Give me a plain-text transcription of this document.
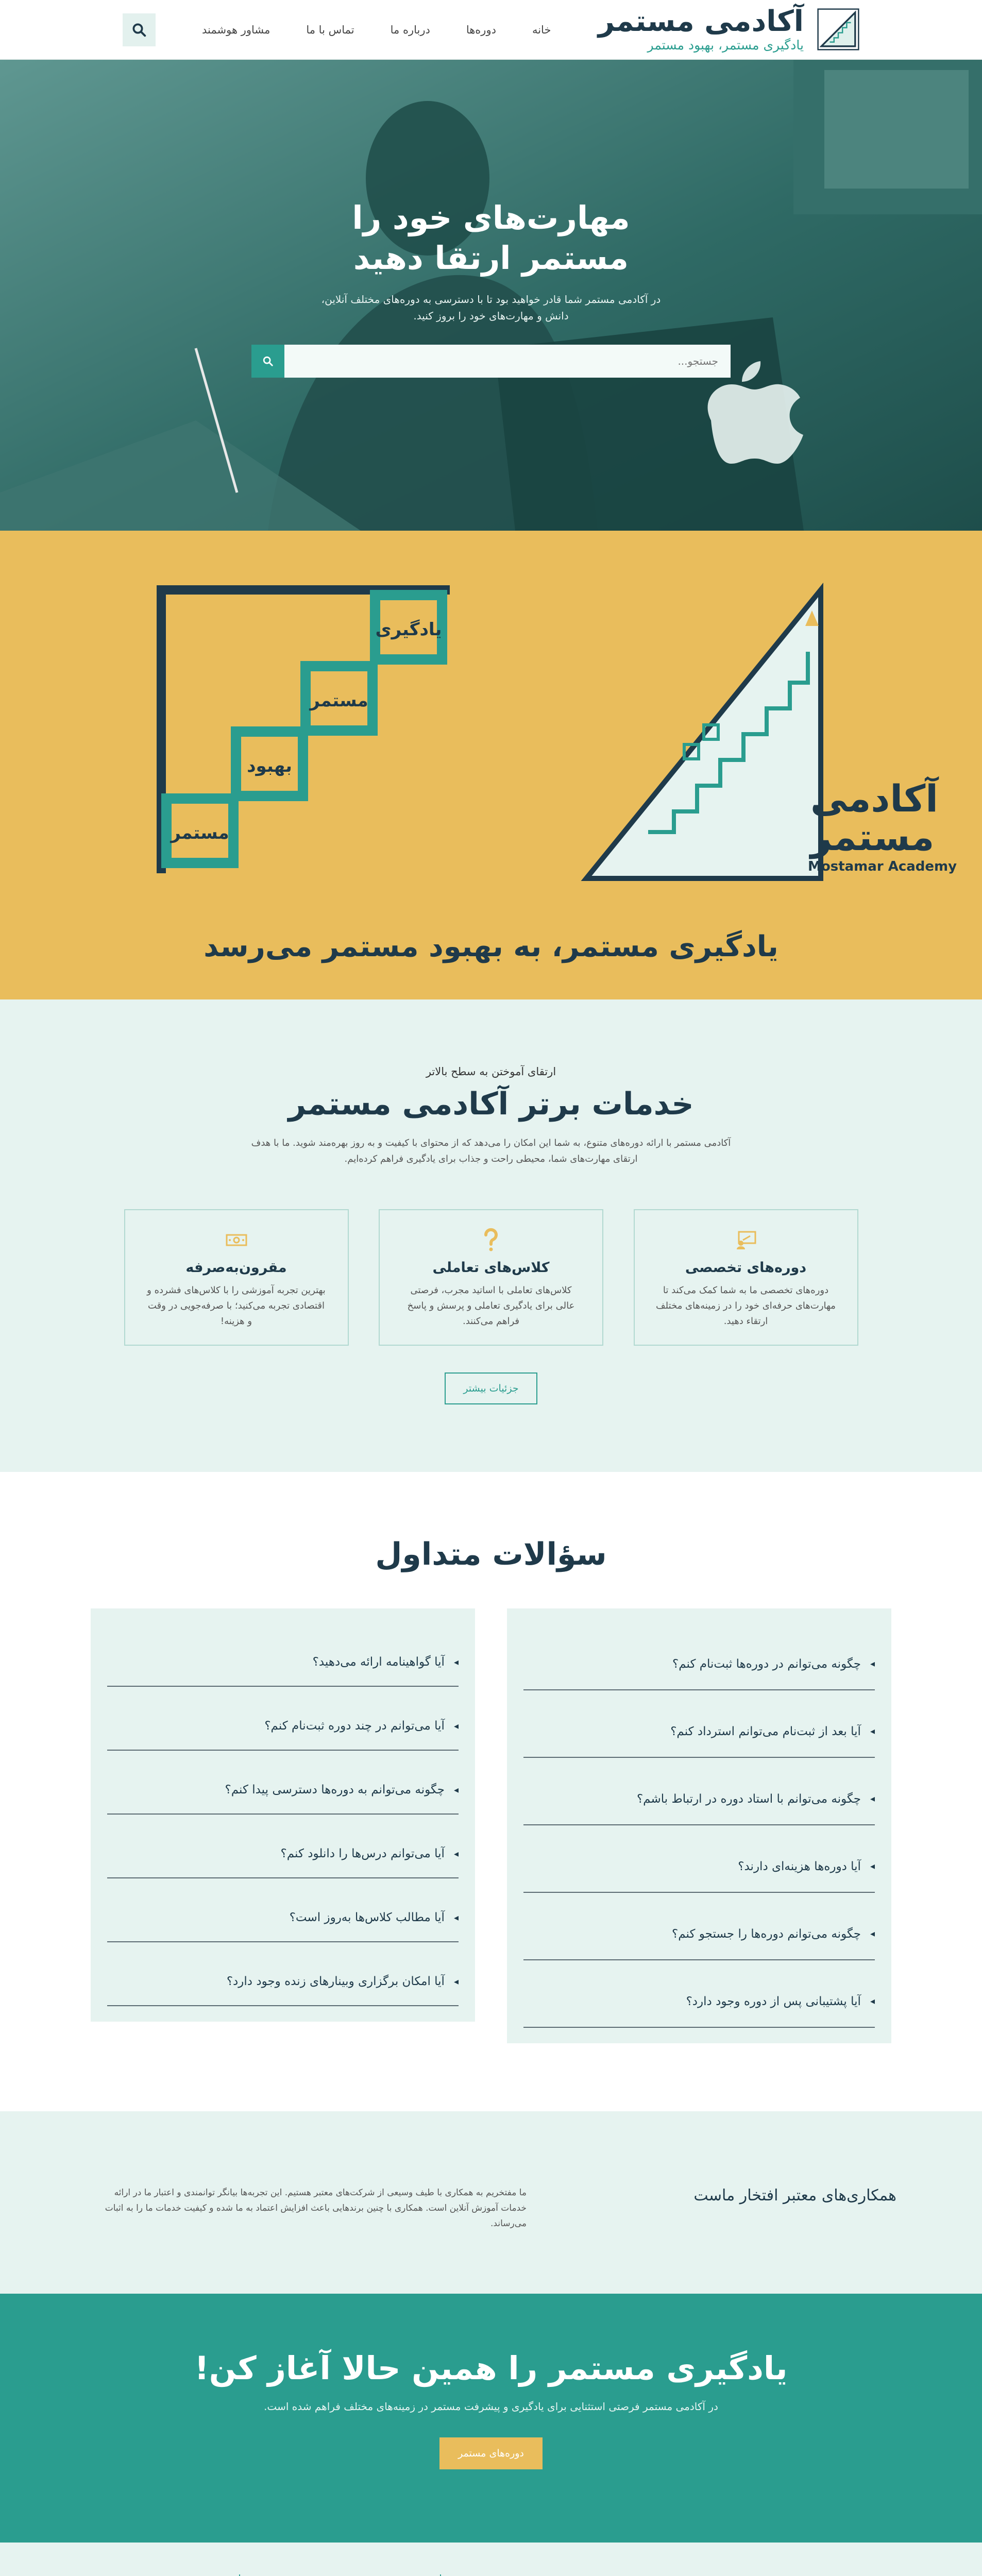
آکادمی مستمر
یادگیری مستمر، بهبود مستمر
خانه
دوره‌ها
درباره ما
تماس با ما
مشاور هوشمند
مهارت‌های خود را
مستمر ارتقا دهید

در آکادمی مستمر شما قادر خواهید بود تا با دسترسی به دوره‌های مختلف آنلاین، دانش و مهارت‌های خود را بروز کنید.

جستجو...
یادگیری
مستمر
بهبود
مستمر
آکادمی
مستمر
Mostamar Academy
یادگیری مستمر، به بهبود مستمر می‌رسد
ارتقای آموختن به سطح بالاتر
خدمات برتر آکادمی مستمر

آکادمی مستمر با ارائه دوره‌های متنوع، به شما این امکان را می‌دهد که از محتوای با کیفیت و به روز بهره‌مند شوید. ما با هدف ارتقای مهارت‌های شما، محیطی راحت و جذاب برای یادگیری فراهم کرده‌ایم.

دوره‌های تخصصی
دوره‌های تخصصی ما به شما کمک می‌کند تا مهارت‌های حرفه‌ای خود را در زمینه‌های مختلف ارتقاء دهید.
کلاس‌های تعاملی
کلاس‌های تعاملی با اساتید مجرب، فرصتی عالی برای یادگیری تعاملی و پرسش و پاسخ فراهم می‌کنند.
مقرون‌به‌صرفه
بهترین تجربه آموزشی را با کلاس‌های فشرده و اقتصادی تجربه می‌کنید؛ با صرفه‌جویی در وقت و هزینه!
جزئیات بیشتر
سؤالات متداول
◂
چگونه می‌توانم در دوره‌ها ثبت‌نام کنم؟
◂
آیا بعد از ثبت‌نام می‌توانم استرداد کنم؟
◂
چگونه می‌توانم با استاد دوره در ارتباط باشم؟
◂
آیا دوره‌ها هزینه‌ای دارند؟
◂
چگونه می‌توانم دوره‌ها را جستجو کنم؟
◂
آیا پشتیبانی پس از دوره وجود دارد؟
◂
آیا گواهینامه ارائه می‌دهید؟
◂
آیا می‌توانم در چند دوره ثبت‌نام کنم؟
◂
چگونه می‌توانم به دوره‌ها دسترسی پیدا کنم؟
◂
آیا می‌توانم درس‌ها را دانلود کنم؟
◂
آیا مطالب کلاس‌ها به‌روز است؟
◂
آیا امکان برگزاری وبینارهای زنده وجود دارد؟
همکاری‌های معتبر افتخار ماست

ما مفتخریم به همکاری با طیف وسیعی از شرکت‌های معتبر هستیم. این تجربه‌ها بیانگر توانمندی و اعتبار ما در ارائه خدمات آموزش آنلاین است. همکاری با چنین برندهایی باعث افزایش اعتماد به ما شده و کیفیت خدمات ما را به اثبات می‌رساند.

یادگیری مستمر را همین حالا آغاز کن!

در آکادمی مستمر فرصتی استثنایی برای یادگیری و پیشرفت مستمر در زمینه‌های مختلف فراهم شده است.

دوره‌های مستمر
